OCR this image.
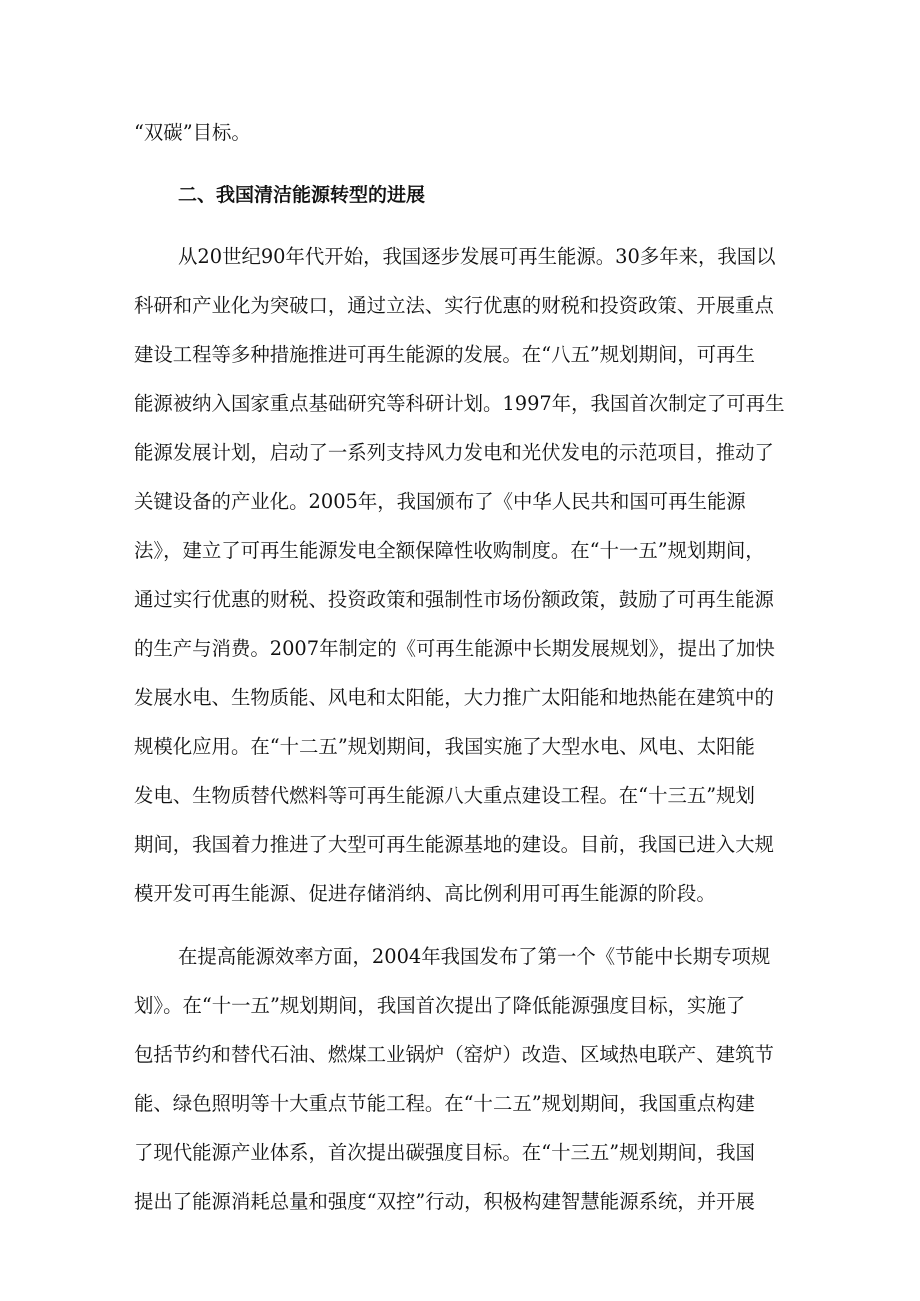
“双碳”目标。
二、我国清洁能源转型的进展
从20世纪90年代开始，我国逐步发展可再生能源。30多年来，我国以
科研和产业化为突破口，通过立法、实行优惠的财税和投资政策、开展重点
建设工程等多种措施推进可再生能源的发展。在“八五”规划期间，可再生
能源被纳入国家重点基础研究等科研计划。1997年，我国首次制定了可再生
能源发展计划，启动了一系列支持风力发电和光伏发电的示范项目，推动了
关键设备的产业化。2005年，我国颁布了《中华人民共和国可再生能源
法》，建立了可再生能源发电全额保障性收购制度。在“十一五”规划期间，
通过实行优惠的财税、投资政策和强制性市场份额政策，鼓励了可再生能源
的生产与消费。2007年制定的《可再生能源中长期发展规划》，提出了加快
发展水电、生物质能、风电和太阳能，大力推广太阳能和地热能在建筑中的
规模化应用。在“十二五”规划期间，我国实施了大型水电、风电、太阳能
发电、生物质替代燃料等可再生能源八大重点建设工程。在“十三五”规划
期间，我国着力推进了大型可再生能源基地的建设。目前，我国已进入大规
模开发可再生能源、促进存储消纳、高比例利用可再生能源的阶段。
在提高能源效率方面，2004年我国发布了第一个《节能中长期专项规
划》。在“十一五”规划期间，我国首次提出了降低能源强度目标，实施了
包括节约和替代石油、燃煤工业锅炉（窑炉）改造、区域热电联产、建筑节
能、绿色照明等十大重点节能工程。在“十二五”规划期间，我国重点构建
了现代能源产业体系，首次提出碳强度目标。在“十三五”规划期间，我国
提出了能源消耗总量和强度“双控”行动，积极构建智慧能源系统，并开展
